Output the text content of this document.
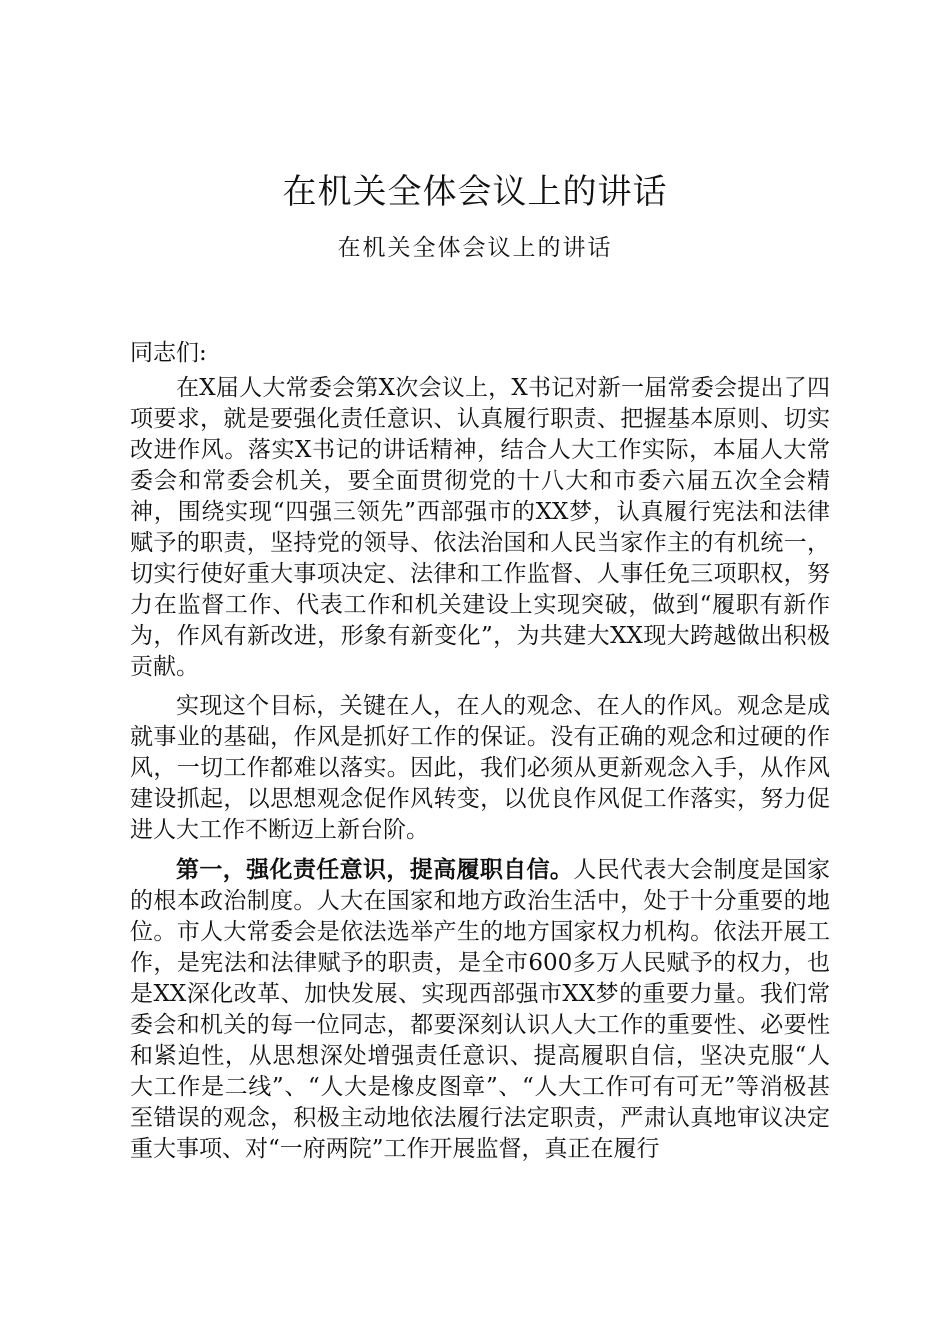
在机关全体会议上的讲话
在机关全体会议上的讲话

同志们:

在X届人大常委会第X次会议上，X书记对新一届常委会提出了四项要求，就是要强化责任意识、认真履行职责、把握基本原则、切实改进作风。落实X书记的讲话精神，结合人大工作实际，本届人大常委会和常委会机关，要全面贯彻党的十八大和市委六届五次全会精神，围绕实现“四强三领先”西部强市的XX梦，认真履行宪法和法律赋予的职责，坚持党的领导、依法治国和人民当家作主的有机统一，切实行使好重大事项决定、法律和工作监督、人事任免三项职权，努力在监督工作、代表工作和机关建设上实现突破，做到“履职有新作为，作风有新改进，形象有新变化”，为共建大XX现大跨越做出积极贡献。

实现这个目标，关键在人，在人的观念、在人的作风。观念是成就事业的基础，作风是抓好工作的保证。没有正确的观念和过硬的作风，一切工作都难以落实。因此，我们必须从更新观念入手，从作风建设抓起，以思想观念促作风转变，以优良作风促工作落实，努力促进人大工作不断迈上新台阶。

第一，强化责任意识，提高履职自信。人民代表大会制度是国家的根本政治制度。人大在国家和地方政治生活中，处于十分重要的地位。市人大常委会是依法选举产生的地方国家权力机构。依法开展工作，是宪法和法律赋予的职责，是全市600多万人民赋予的权力，也是XX深化改革、加快发展、实现西部强市XX梦的重要力量。我们常委会和机关的每一位同志，都要深刻认识人大工作的重要性、必要性和紧迫性，从思想深处增强责任意识、提高履职自信，坚决克服“人大工作是二线”、“人大是橡皮图章”、“人大工作可有可无”等消极甚至错误的观念，积极主动地依法履行法定职责，严肃认真地审议决定重大事项、对“一府两院”工作开展监督，真正在履行
